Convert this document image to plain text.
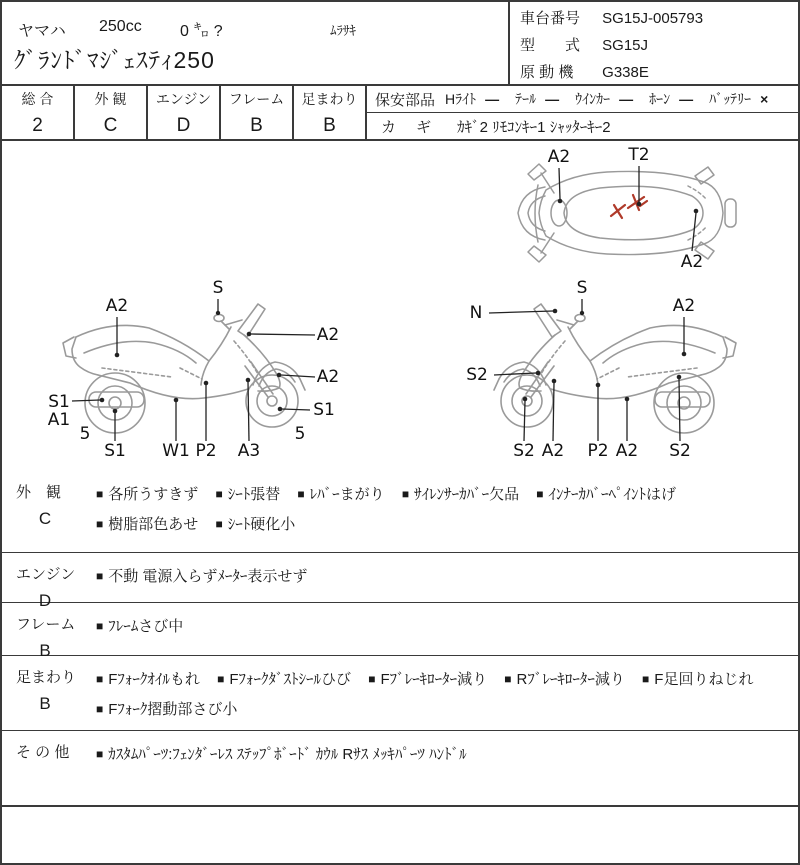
ヤマハ 250cc 0 ㌔ ?	ﾑﾗｻｷ
ｸﾞﾗﾝﾄﾞﾏｼﾞｪｽﾃｨ250
車台番号 SG15J-005793
型　　式 SG15J
原 動 機 G338E
総 合
2
外 観
C
エンジン
D
フレーム
B
足まわり
B
保安部品 Hﾗｲﾄ — ﾃｰﾙ — ｳｲﾝｶｰ — ﾎｰﾝ — ﾊﾞｯﾃﾘｰ ×
カ ギ ｶｷﾞ2 ﾘﾓｺﾝｷｰ1 ｼｬｯﾀｰｷｰ2
A2	T2
A2
S
A2
A2
A2
S1
A1
5
S1 W1 P2 A3
S1
5
S
N	A2
S2
S2 A2 P2 A2 S2
外　観
C
■ 各所うすきず ■ ｼｰﾄ張替 ■ ﾚﾊﾞｰまがり ■ ｻｲﾚﾝｻｰｶﾊﾞｰ欠品 ■ ｲﾝﾅｰｶﾊﾞｰﾍﾟｲﾝﾄはげ ■ 樹脂部色あせ ■ ｼｰﾄ硬化小
エンジン
D
■ 不動 電源入らずﾒｰﾀｰ表示せず
フレーム
B
■ ﾌﾚｰﾑさび中
足まわり
B
■ Fﾌｫｰｸｵｲﾙもれ ■ Fﾌｫｰｸﾀﾞｽﾄｼｰﾙひび ■ Fﾌﾞﾚｰｷﾛｰﾀｰ減り ■ Rﾌﾞﾚｰｷﾛｰﾀｰ減り ■ F足回りねじれ ■ Fﾌｫｰｸ摺動部さび小
そ の 他	■ ｶｽﾀﾑﾊﾟｰﾂ:ﾌｪﾝﾀﾞｰﾚｽ ｽﾃｯﾌﾟﾎﾞｰﾄﾞ ｶｳﾙ Rｻｽ ﾒｯｷﾊﾟｰﾂ ﾊﾝﾄﾞﾙ
